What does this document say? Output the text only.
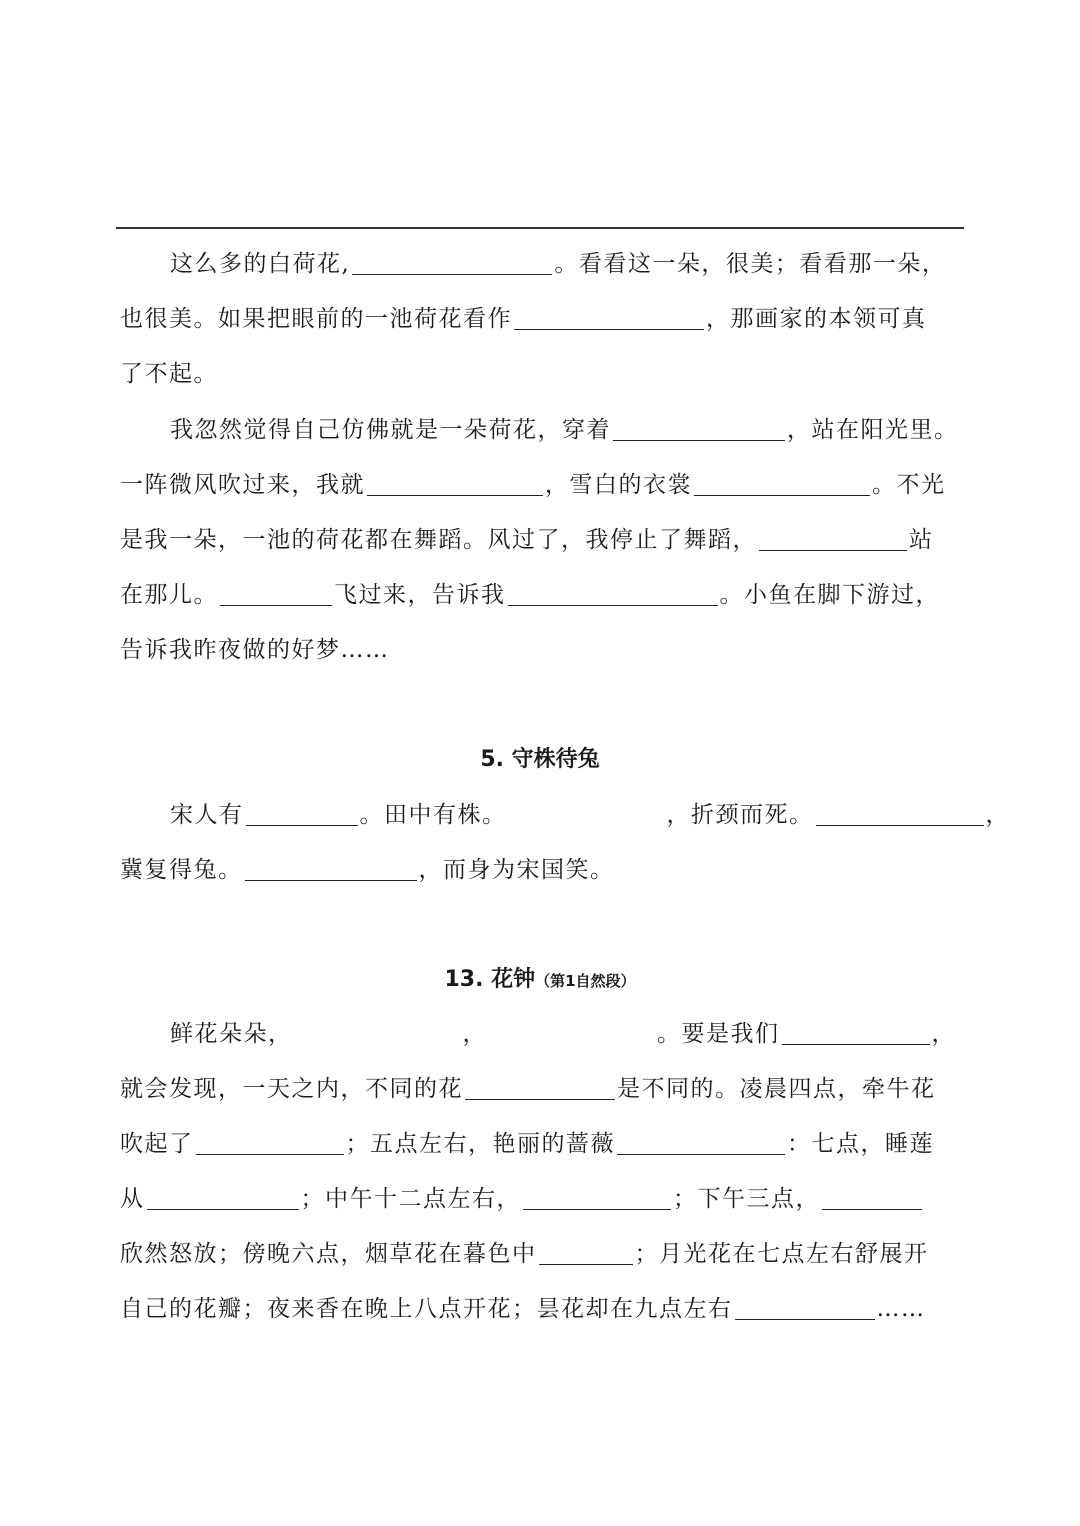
这么多的白荷花,	。看看这一朵，很美；看看那一朵，
也很美。如果把眼前的一池荷花看作	，那画家的本领可真
了不起。
我忽然觉得自己仿佛就是一朵荷花，穿着	，站在阳光里。
一阵微风吹过来，我就	，雪白的衣裳	。不光
是我一朵，一池的荷花都在舞蹈。风过了，我停止了舞蹈，	站
在那儿。	飞过来，告诉我	。小鱼在脚下游过，
告诉我昨夜做的好梦……
5. 守株待兔
宋人有	。田中有株。	，折颈而死。	，
冀复得兔。	，而身为宋国笑。
13. 花钟（第1自然段）
鲜花朵朵，	，	。要是我们	，
就会发现，一天之内，不同的花	是不同的。凌晨四点，牵牛花
吹起了	；五点左右，艳丽的蔷薇	：七点，睡莲
从	；中午十二点左右，	；下午三点，
欣然怒放；傍晚六点，烟草花在暮色中	；月光花在七点左右舒展开
自己的花瓣；夜来香在晚上八点开花；昙花却在九点左右	……
